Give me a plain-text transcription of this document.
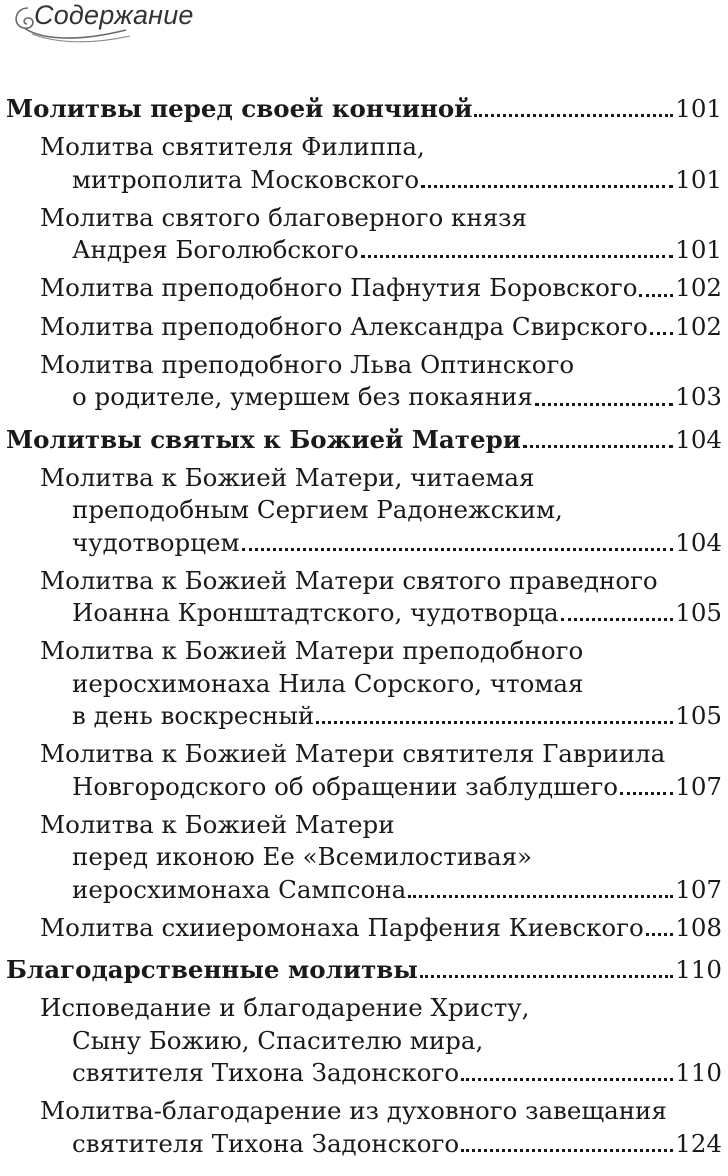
Содержание
Молитвы перед своей кончиной	101
Молитва святителя Филиппа,
митрополита Московского	101
Молитва святого благоверного князя
Андрея Боголюбского	101
Молитва преподобного Пафнутия Боровского 102
Молитва преподобного Александра Свирского 102
Молитва преподобного Льва Оптинского
о родителе, умершем без покаяния	103
Молитвы святых к Божией Матери	104
Молитва к Божией Матери, читаемая
преподобным Сергием Радонежским,
чудотворцем	104
Молитва к Божией Матери святого праведного
Иоанна Кронштадтского, чудотворца	105
Молитва к Божией Матери преподобного
иеросхимонаха Нила Сорского, чтомая
в день воскресный	105
Молитва к Божией Матери святителя Гавриила
Новгородского об обращении заблудшего 107
Молитва к Божией Матери
перед иконою Ее «Всемилостивая»
иеросхимонаха Сампсона	107
Молитва схииеромонаха Парфения Киевского 108
Благодарственные молитвы	110
Исповедание и благодарение Христу,
Сыну Божию, Спасителю мира,
святителя Тихона Задонского	110
Молитва-благодарение из духовного завещания
святителя Тихона Задонского	124
